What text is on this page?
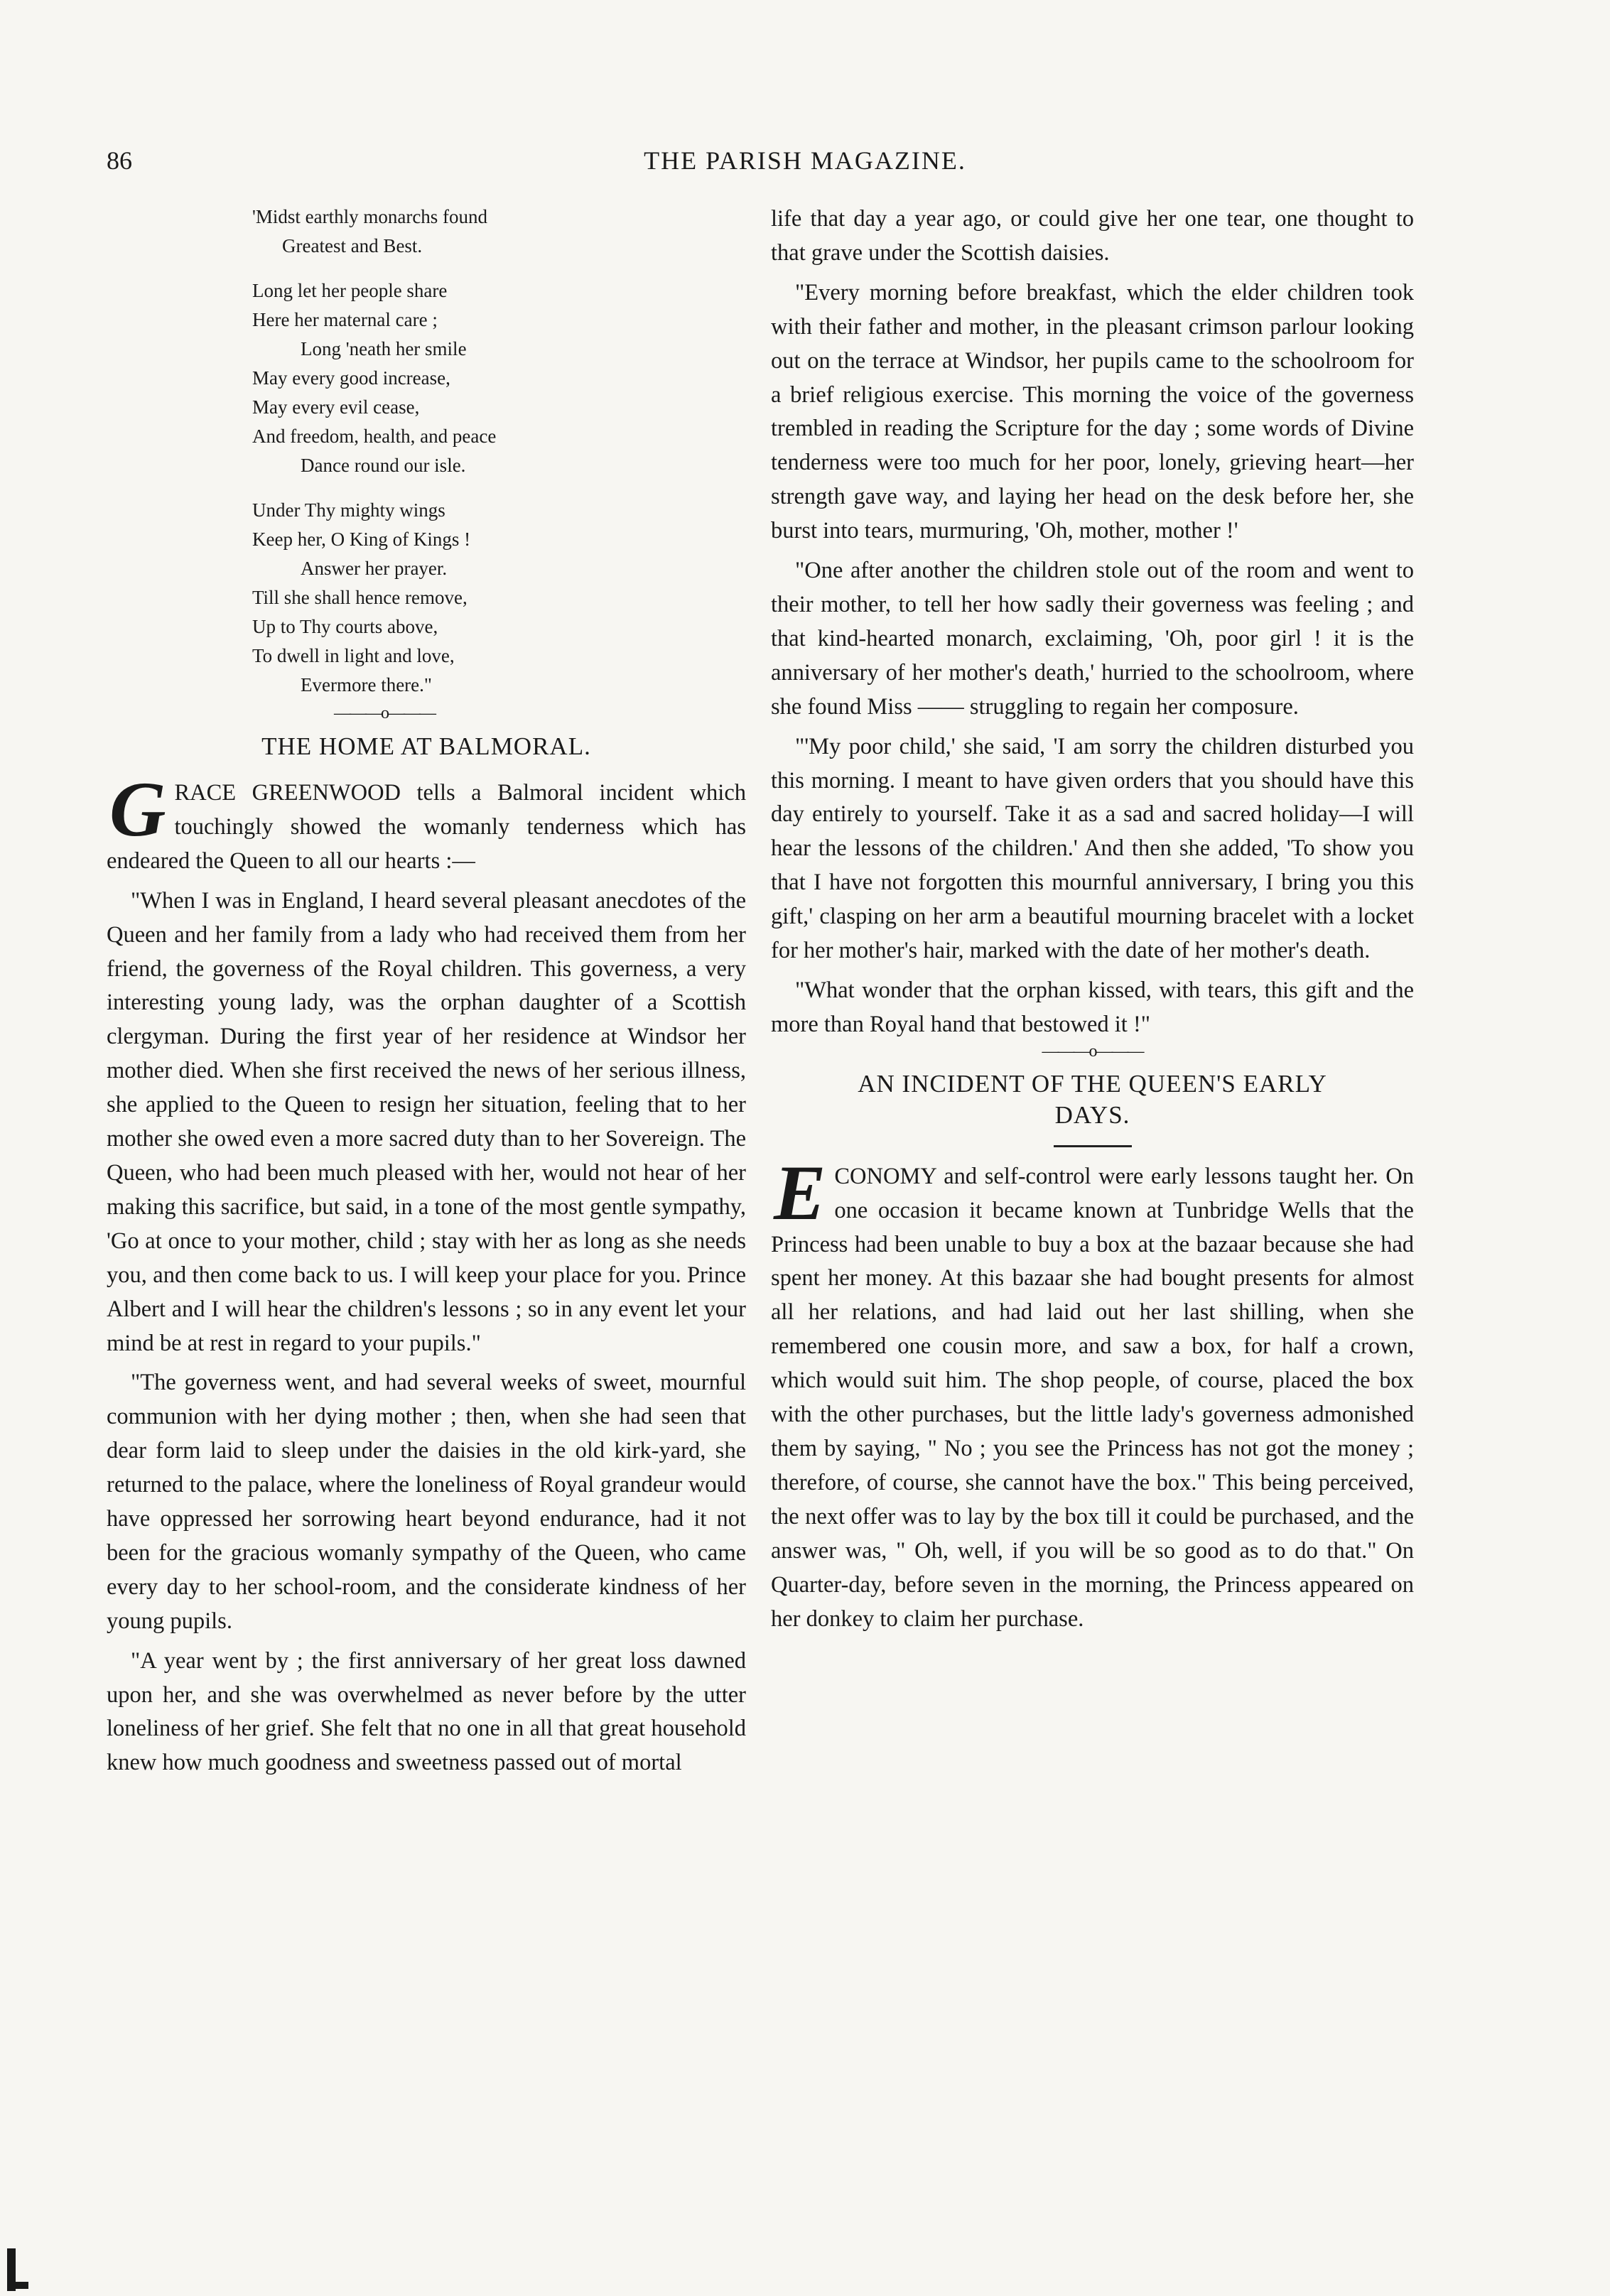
86	THE PARISH MAGAZINE.
'Midst earthly monarchs found
Greatest and Best.
Long let her people share
Here her maternal care ;
Long 'neath her smile
May every good increase,
May every evil cease,
And freedom, health, and peace
Dance round our isle.
Under Thy mighty wings
Keep her, O King of Kings !
Answer her prayer.
Till she shall hence remove,
Up to Thy courts above,
To dwell in light and love,
Evermore there."
———o———
THE HOME AT BALMORAL.

GRACE GREENWOOD tells a Balmoral incident which touchingly showed the womanly tenderness which has endeared the Queen to all our hearts :—

"When I was in England, I heard several pleasant anecdotes of the Queen and her family from a lady who had received them from her friend, the governess of the Royal children. This governess, a very interesting young lady, was the orphan daughter of a Scottish clergyman. During the first year of her residence at Windsor her mother died. When she first received the news of her serious illness, she applied to the Queen to resign her situation, feeling that to her mother she owed even a more sacred duty than to her Sovereign. The Queen, who had been much pleased with her, would not hear of her making this sacrifice, but said, in a tone of the most gentle sympathy, 'Go at once to your mother, child ; stay with her as long as she needs you, and then come back to us. I will keep your place for you. Prince Albert and I will hear the children's lessons ; so in any event let your mind be at rest in regard to your pupils."

"The governess went, and had several weeks of sweet, mournful communion with her dying mother ; then, when she had seen that dear form laid to sleep under the daisies in the old kirk-yard, she returned to the palace, where the loneliness of Royal grandeur would have oppressed her sorrowing heart beyond endurance, had it not been for the gracious womanly sympathy of the Queen, who came every day to her school-room, and the considerate kindness of her young pupils.

"A year went by ; the first anniversary of her great loss dawned upon her, and she was overwhelmed as never before by the utter loneliness of her grief. She felt that no one in all that great household knew how much goodness and sweetness passed out of mortal

life that day a year ago, or could give her one tear, one thought to that grave under the Scottish daisies.

"Every morning before breakfast, which the elder children took with their father and mother, in the pleasant crimson parlour looking out on the terrace at Windsor, her pupils came to the schoolroom for a brief religious exercise. This morning the voice of the governess trembled in reading the Scripture for the day ; some words of Divine tenderness were too much for her poor, lonely, grieving heart—her strength gave way, and laying her head on the desk before her, she burst into tears, murmuring, 'Oh, mother, mother !'

"One after another the children stole out of the room and went to their mother, to tell her how sadly their governess was feeling ; and that kind-hearted monarch, exclaiming, 'Oh, poor girl ! it is the anniversary of her mother's death,' hurried to the schoolroom, where she found Miss —— struggling to regain her composure.

"'My poor child,' she said, 'I am sorry the children disturbed you this morning. I meant to have given orders that you should have this day entirely to yourself. Take it as a sad and sacred holiday—I will hear the lessons of the children.' And then she added, 'To show you that I have not forgotten this mournful anniversary, I bring you this gift,' clasping on her arm a beautiful mourning bracelet with a locket for her mother's hair, marked with the date of her mother's death.

"What wonder that the orphan kissed, with tears, this gift and the more than Royal hand that bestowed it !"

———o———
AN INCIDENT OF THE QUEEN'S EARLY
DAYS.

ECONOMY and self-control were early lessons taught her. On one occasion it became known at Tunbridge Wells that the Princess had been unable to buy a box at the bazaar because she had spent her money. At this bazaar she had bought presents for almost all her relations, and had laid out her last shilling, when she remembered one cousin more, and saw a box, for half a crown, which would suit him. The shop people, of course, placed the box with the other purchases, but the little lady's governess admonished them by saying, " No ; you see the Princess has not got the money ; therefore, of course, she cannot have the box." This being perceived, the next offer was to lay by the box till it could be purchased, and the answer was, " Oh, well, if you will be so good as to do that." On Quarter-day, before seven in the morning, the Princess appeared on her donkey to claim her purchase.
